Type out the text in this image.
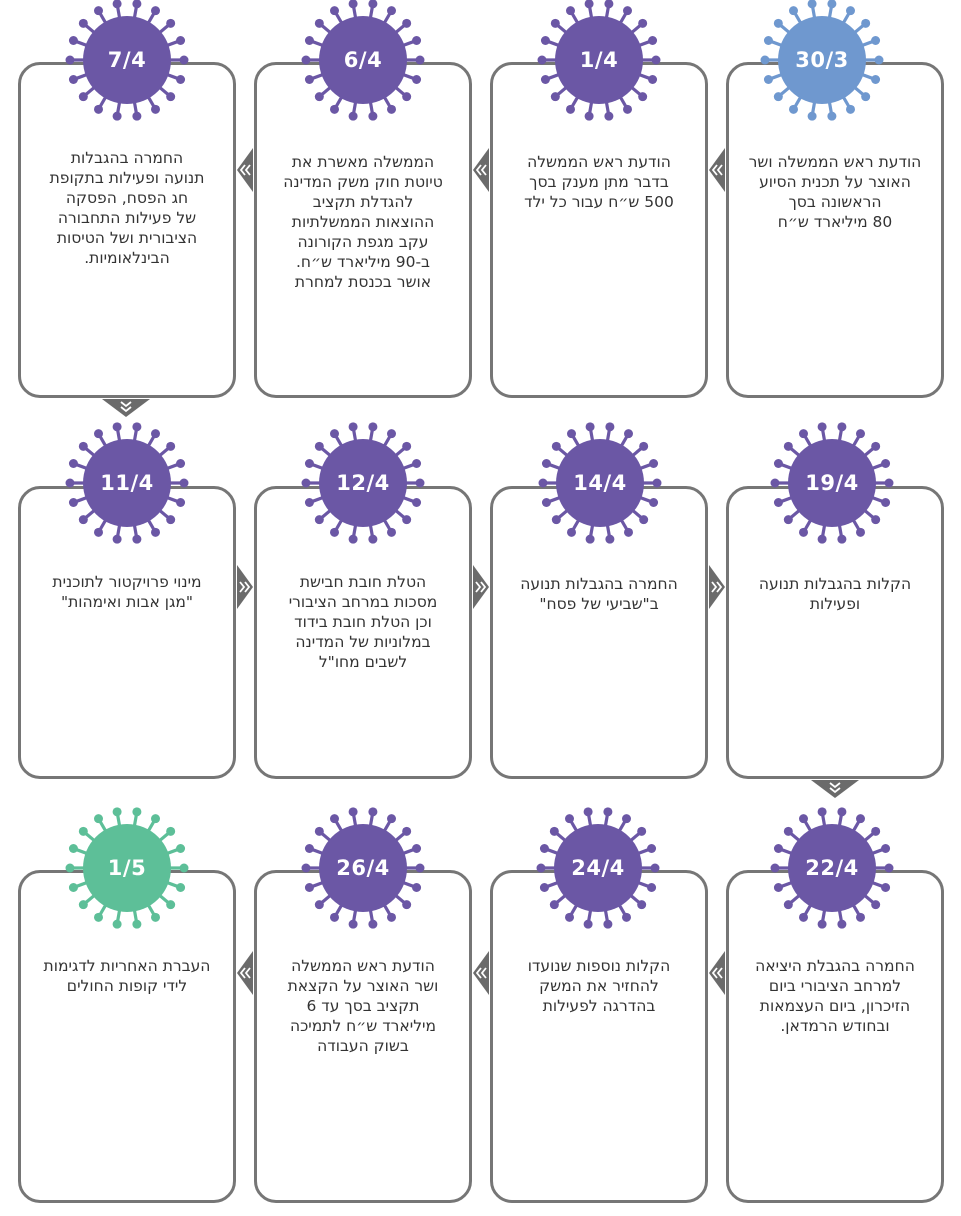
הודעת ראש הממשלה ושר
האוצר על תכנית הסיוע
הראשונה בסך
80 מיליארד ש״ח
30/3
הודעת ראש הממשלה
בדבר מתן מענק בסך
500 ש״ח עבור כל ילד
1/4
הממשלה מאשרת את
טיוטת חוק משק המדינה
להגדלת תקציב
ההוצאות הממשלתיות
עקב מגפת הקורונה
ב-90 מיליארד ש״ח.
אושר בכנסת למחרת
6/4
החמרה בהגבלות
תנועה ופעילות בתקופת
חג הפסח, הפסקה
של פעילות התחבורה
הציבורית ושל הטיסות
הבינלאומיות.
7/4
הקלות בהגבלות תנועה
ופעילות
19/4
החמרה בהגבלות תנועה
ב"שביעי של פסח"
14/4
הטלת חובת חבישת
מסכות במרחב הציבורי
וכן הטלת חובת בידוד
במלוניות של המדינה
לשבים מחו"ל
12/4
מינוי פרויקטור לתוכנית
"מגן אבות ואימהות"
11/4
החמרה בהגבלת היציאה
למרחב הציבורי ביום
הזיכרון, ביום העצמאות
ובחודש הרמדאן.
22/4
הקלות נוספות שנועדו
להחזיר את המשק
בהדרגה לפעילות
24/4
הודעת ראש הממשלה
ושר האוצר על הקצאת
תקציב בסך עד 6
מיליארד ש״ח לתמיכה
בשוק העבודה
26/4
העברת האחריות לדגימות
לידי קופות החולים
1/5
